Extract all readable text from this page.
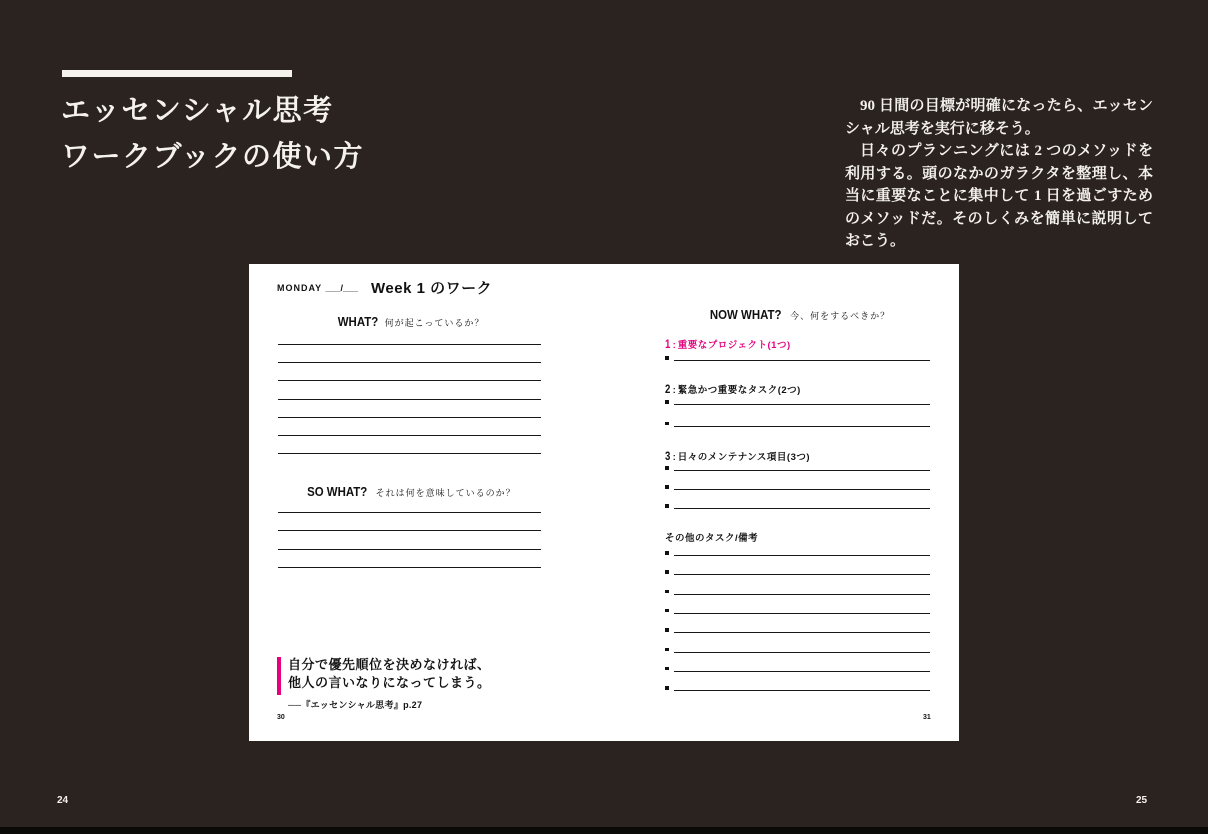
エッセンシャル思考
ワークブックの使い方

90 日間の目標が明確になったら、エッセンシャル思考を実行に移そう。

日々のプランニングには 2 つのメソッドを利用する。頭のなかのガラクタを整理し、本当に重要なことに集中して 1 日を過ごすためのメソッドだ。そのしくみを簡単に説明しておこう。

MONDAY ___/___ Week 1 のワーク
WHAT? 何が起こっているか？
SO WHAT? それは何を意味しているのか？
NOW WHAT? 今、何をするべきか？
その他のタスク/備考
自分で優先順位を決めなければ、
他人の言いなりになってしまう。
──『エッセンシャル思考』p.27
30	31
1 : 重要なプロジェクト(1つ)
2 : 緊急かつ重要なタスク(2つ)
3 : 日々のメンテナンス項目(3つ)
24	25
